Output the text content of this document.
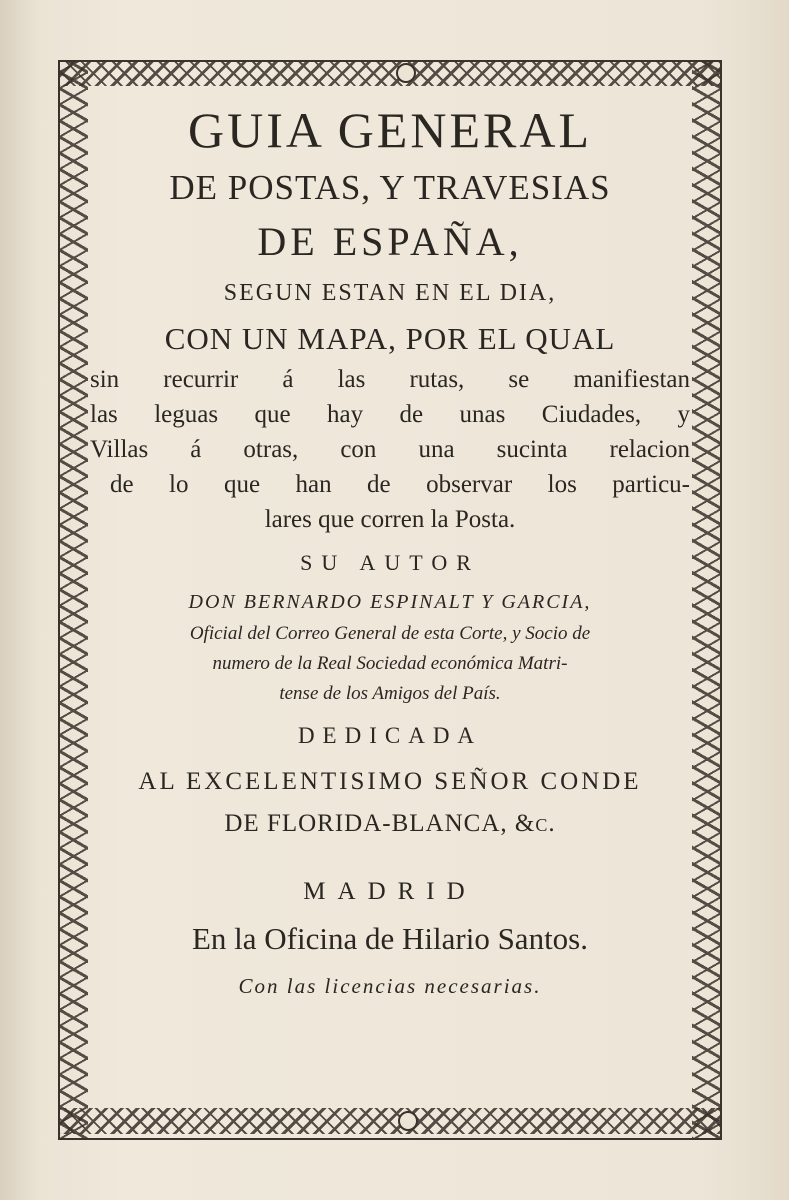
GUIA GENERAL
DE POSTAS, Y TRAVESIAS
DE ESPAÑA,
SEGUN ESTAN EN EL DIA,
CON UN MAPA, POR EL QUAL
sin recurrir á las rutas, se manifiestan
las leguas que hay de unas Ciudades, y
Villas á otras, con una sucinta relacion
de lo que han de observar los particu-
lares que corren la Posta.
SU AUTOR
DON BERNARDO ESPINALT Y GARCIA,
Oficial del Correo General de esta Corte, y Socio de
numero de la Real Sociedad económica Matri-
tense de los Amigos del País.
DEDICADA
AL EXCELENTISIMO SEÑOR CONDE
DE FLORIDA-BLANCA, &c.
MADRID
En la Oficina de Hilario Santos.
Con las licencias necesarias.
